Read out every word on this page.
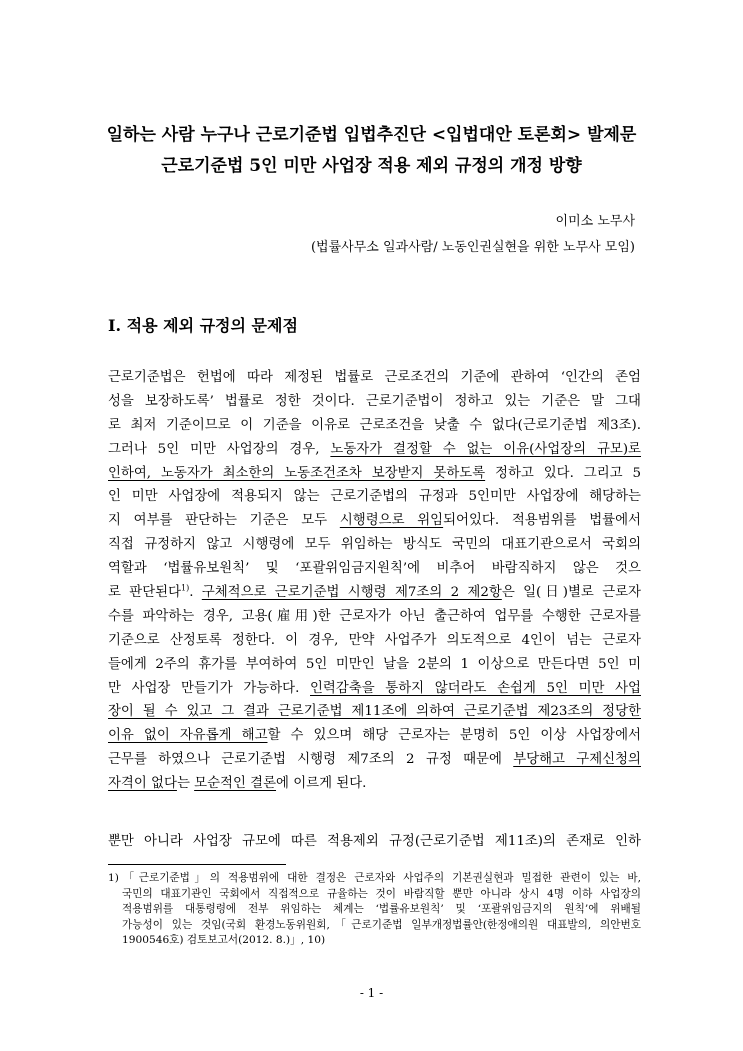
일하는 사람 누구나 근로기준법 입법추진단 <입법대안 토론회> 발제문
근로기준법 5인 미만 사업장 적용 제외 규정의 개정 방향
이미소 노무사
(법률사무소 일과사람/ 노동인권실현을 위한 노무사 모임)
Ⅰ. 적용 제외 규정의 문제점
근로기준법은 헌법에 따라 제정된 법률로 근로조건의 기준에 관하여 ‘인간의 존엄
성을 보장하도록’ 법률로 정한 것이다. 근로기준법이 정하고 있는 기준은 말 그대
로 최저 기준이므로 이 기준을 이유로 근로조건을 낮출 수 없다(근로기준법 제3조).
그러나 5인 미만 사업장의 경우, 노동자가 결정할 수 없는 이유(사업장의 규모)로
인하여, 노동자가 최소한의 노동조건조차 보장받지 못하도록 정하고 있다. 그리고 5
인 미만 사업장에 적용되지 않는 근로기준법의 규정과 5인미만 사업장에 해당하는
지 여부를 판단하는 기준은 모두 시행령으로 위임되어있다. 적용범위를 법률에서
직접 규정하지 않고 시행령에 모두 위임하는 방식도 국민의 대표기관으로서 국회의
역할과 ‘법률유보원칙’ 및 ‘포괄위임금지원칙’에 비추어 바람직하지 않은 것으
로 판단된다$^{1)}$. 구체적으로 근로기준법 시행령 제7조의 2 제2항은 일(日)별로 근로자
수를 파악하는 경우, 고용(雇用)한 근로자가 아닌 출근하여 업무를 수행한 근로자를
기준으로 산정토록 정한다. 이 경우, 만약 사업주가 의도적으로 4인이 넘는 근로자
들에게 2주의 휴가를 부여하여 5인 미만인 날을 2분의 1 이상으로 만든다면 5인 미
만 사업장 만들기가 가능하다. 인력감축을 통하지 않더라도 손쉽게 5인 미만 사업
장이 될 수 있고 그 결과 근로기준법 제11조에 의하여 근로기준법 제23조의 정당한
이유 없이 자유롭게 해고할 수 있으며 해당 근로자는 분명히 5인 이상 사업장에서
근무를 하였으나 근로기준법 시행령 제7조의 2 규정 때문에 부당해고 구제신청의
자격이 없다는 모순적인 결론에 이르게 된다.
뿐만 아니라 사업장 규모에 따른 적용제외 규정(근로기준법 제11조)의 존재로 인하
1)「근로기준법」의 적용범위에 대한 결정은 근로자와 사업주의 기본권실현과 밀접한 관련이 있는 바,
국민의 대표기관인 국회에서 직접적으로 규율하는 것이 바람직할 뿐만 아니라 상시 4명 이하 사업장의
적용범위를 대통령령에 전부 위임하는 체계는 ‘법률유보원칙’ 및 ‘포괄위임금지의 원칙’에 위배될
가능성이 있는 것임(국회 환경노동위원회,「근로기준법 일부개정법률안(한정애의원 대표발의, 의안번호
1900546호) 검토보고서(2012. 8.)」, 10)
- 1 -
